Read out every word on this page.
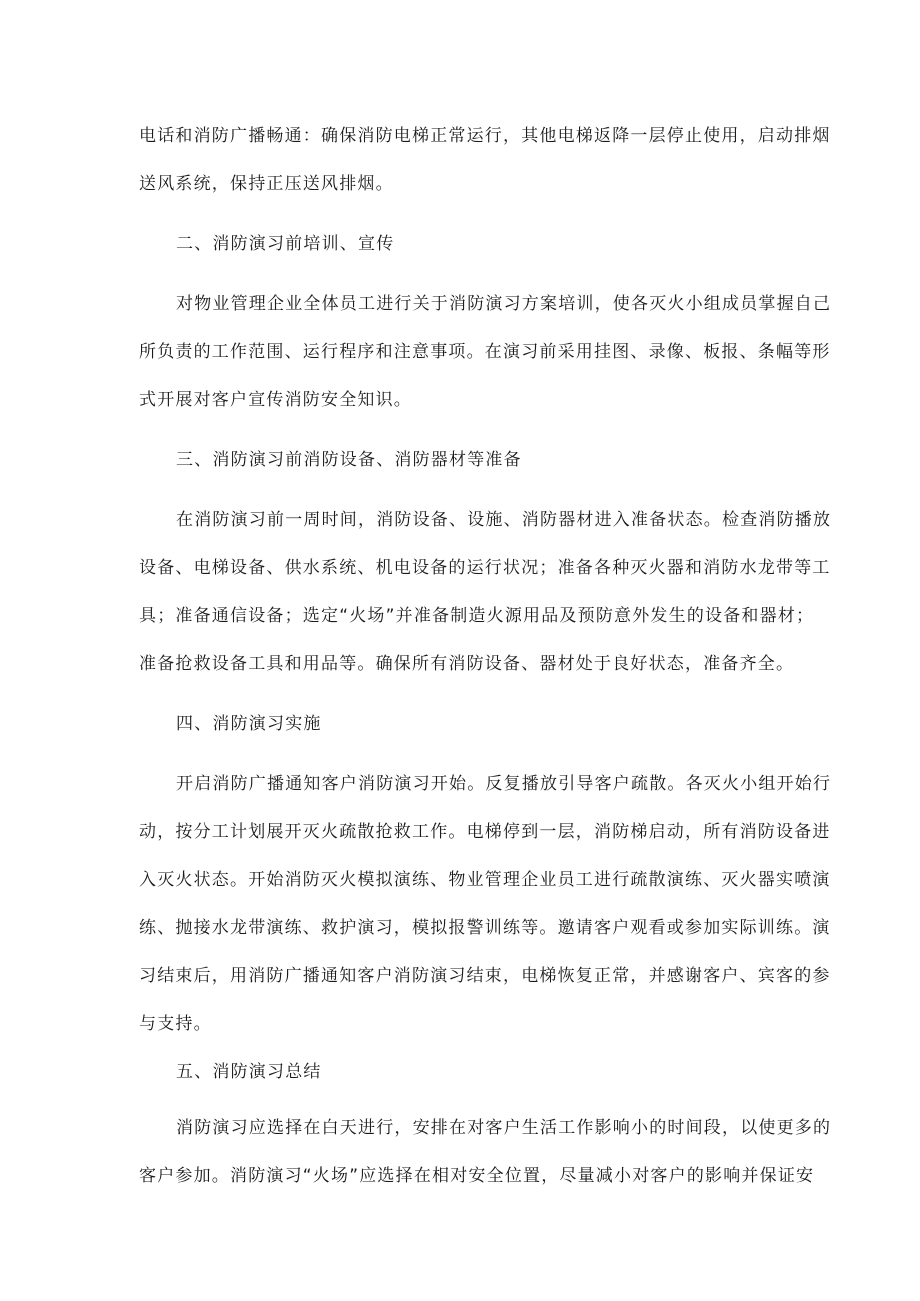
电话和消防广播畅通：确保消防电梯正常运行，其他电梯返降一层停止使用，启动排烟

送风系统，保持正压送风排烟。

二、消防演习前培训、宣传

对物业管理企业全体员工进行关于消防演习方案培训，使各灭火小组成员掌握自己

所负责的工作范围、运行程序和注意事项。在演习前采用挂图、录像、板报、条幅等形

式开展对客户宣传消防安全知识。

三、消防演习前消防设备、消防器材等准备

在消防演习前一周时间，消防设备、设施、消防器材进入准备状态。检查消防播放

设备、电梯设备、供水系统、机电设备的运行状况；准备各种灭火器和消防水龙带等工

具；准备通信设备；选定“火场”并准备制造火源用品及预防意外发生的设备和器材；

准备抢救设备工具和用品等。确保所有消防设备、器材处于良好状态，准备齐全。

四、消防演习实施

开启消防广播通知客户消防演习开始。反复播放引导客户疏散。各灭火小组开始行

动，按分工计划展开灭火疏散抢救工作。电梯停到一层，消防梯启动，所有消防设备进

入灭火状态。开始消防灭火模拟演练、物业管理企业员工进行疏散演练、灭火器实喷演

练、抛接水龙带演练、救护演习，模拟报警训练等。邀请客户观看或参加实际训练。演

习结束后，用消防广播通知客户消防演习结束，电梯恢复正常，并感谢客户、宾客的参

与支持。

五、消防演习总结

消防演习应选择在白天进行，安排在对客户生活工作影响小的时间段，以使更多的

客户参加。消防演习“火场”应选择在相对安全位置，尽量减小对客户的影响并保证安
